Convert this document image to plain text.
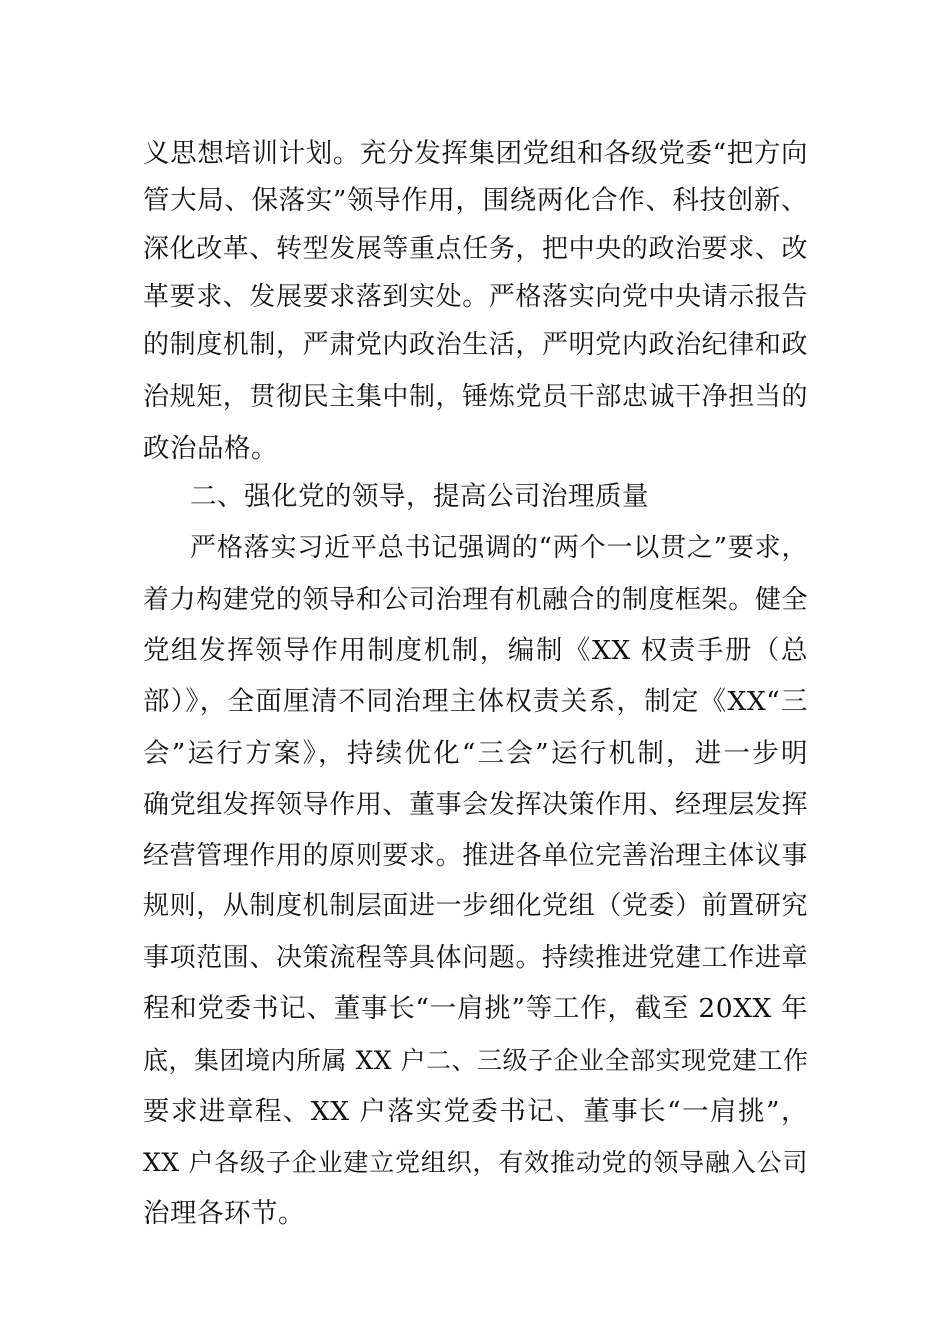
义思想培训计划。充分发挥集团党组和各级党委“把方向
管大局、保落实”领导作用，围绕两化合作、科技创新、
深化改革、转型发展等重点任务，把中央的政治要求、改
革要求、发展要求落到实处。严格落实向党中央请示报告
的制度机制，严肃党内政治生活，严明党内政治纪律和政
治规矩，贯彻民主集中制，锤炼党员干部忠诚干净担当的
政治品格。
二、强化党的领导，提高公司治理质量
严格落实习近平总书记强调的“两个一以贯之”要求，
着力构建党的领导和公司治理有机融合的制度框架。健全
党组发挥领导作用制度机制，编制《XX 权责手册（总
部）》，全面厘清不同治理主体权责关系，制定《XX“三
会”运行方案》，持续优化“三会”运行机制，进一步明
确党组发挥领导作用、董事会发挥决策作用、经理层发挥
经营管理作用的原则要求。推进各单位完善治理主体议事
规则，从制度机制层面进一步细化党组（党委）前置研究
事项范围、决策流程等具体问题。持续推进党建工作进章
程和党委书记、董事长“一肩挑”等工作，截至 20XX 年
底，集团境内所属 XX 户二、三级子企业全部实现党建工作
要求进章程、XX 户落实党委书记、董事长“一肩挑”，
XX 户各级子企业建立党组织，有效推动党的领导融入公司
治理各环节。
